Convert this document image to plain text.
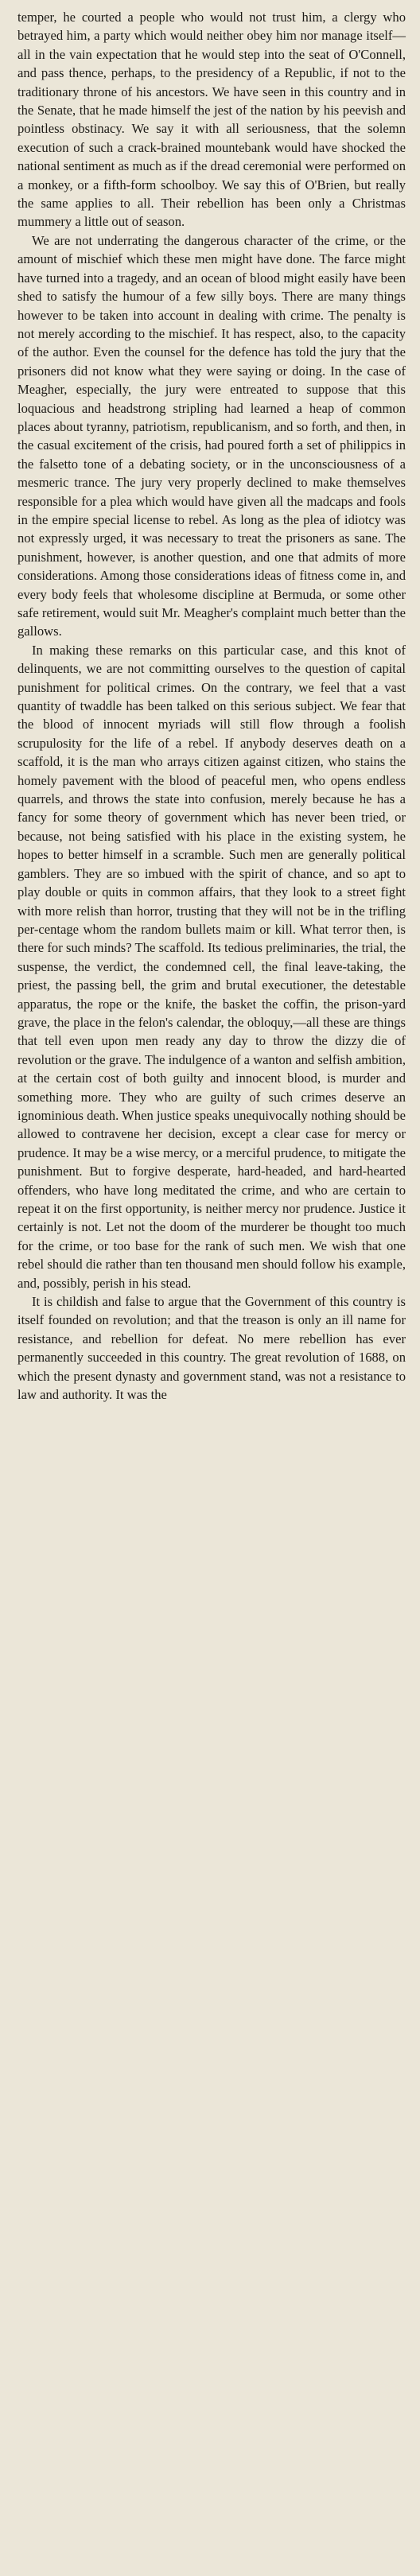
temper, he courted a people who would not trust him, a clergy who betrayed him, a party which would neither obey him nor manage itself—all in the vain expectation that he would step into the seat of O'Connell, and pass thence, perhaps, to the presidency of a Republic, if not to the traditionary throne of his ancestors. We have seen in this country and in the Senate, that he made himself the jest of the nation by his peevish and pointless obstinacy. We say it with all seriousness, that the solemn execution of such a crack-brained mountebank would have shocked the national sentiment as much as if the dread ceremonial were performed on a monkey, or a fifth-form schoolboy. We say this of O'Brien, but really the same applies to all. Their rebellion has been only a Christmas mummery a little out of season.

We are not underrating the dangerous character of the crime, or the amount of mischief which these men might have done. The farce might have turned into a tragedy, and an ocean of blood might easily have been shed to satisfy the humour of a few silly boys. There are many things however to be taken into account in dealing with crime. The penalty is not merely according to the mischief. It has respect, also, to the capacity of the author. Even the counsel for the defence has told the jury that the prisoners did not know what they were saying or doing. In the case of Meagher, especially, the jury were entreated to suppose that this loquacious and headstrong stripling had learned a heap of common places about tyranny, patriotism, republicanism, and so forth, and then, in the casual excitement of the crisis, had poured forth a set of philippics in the falsetto tone of a debating society, or in the unconsciousness of a mesmeric trance. The jury very properly declined to make themselves responsible for a plea which would have given all the madcaps and fools in the empire special license to rebel. As long as the plea of idiotcy was not expressly urged, it was necessary to treat the prisoners as sane. The punishment, however, is another question, and one that admits of more considerations. Among those considerations ideas of fitness come in, and every body feels that wholesome discipline at Bermuda, or some other safe retirement, would suit Mr. Meagher's complaint much better than the gallows.

In making these remarks on this particular case, and this knot of delinquents, we are not committing ourselves to the question of capital punishment for political crimes. On the contrary, we feel that a vast quantity of twaddle has been talked on this serious subject. We fear that the blood of innocent myriads will still flow through a foolish scrupulosity for the life of a rebel. If anybody deserves death on a scaffold, it is the man who arrays citizen against citizen, who stains the homely pavement with the blood of peaceful men, who opens endless quarrels, and throws the state into confusion, merely because he has a fancy for some theory of government which has never been tried, or because, not being satisfied with his place in the existing system, he hopes to better himself in a scramble. Such men are generally political gamblers. They are so imbued with the spirit of chance, and so apt to play double or quits in common affairs, that they look to a street fight with more relish than horror, trusting that they will not be in the trifling per-centage whom the random bullets maim or kill. What terror then, is there for such minds? The scaffold. Its tedious preliminaries, the trial, the suspense, the verdict, the condemned cell, the final leave-taking, the priest, the passing bell, the grim and brutal executioner, the detestable apparatus, the rope or the knife, the basket the coffin, the prison-yard grave, the place in the felon's calendar, the obloquy,—all these are things that tell even upon men ready any day to throw the dizzy die of revolution or the grave. The indulgence of a wanton and selfish ambition, at the certain cost of both guilty and innocent blood, is murder and something more. They who are guilty of such crimes deserve an ignominious death. When justice speaks unequivocally nothing should be allowed to contravene her decision, except a clear case for mercy or prudence. It may be a wise mercy, or a merciful prudence, to mitigate the punishment. But to forgive desperate, hard-headed, and hard-hearted offenders, who have long meditated the crime, and who are certain to repeat it on the first opportunity, is neither mercy nor prudence. Justice it certainly is not. Let not the doom of the murderer be thought too much for the crime, or too base for the rank of such men. We wish that one rebel should die rather than ten thousand men should follow his example, and, possibly, perish in his stead.

It is childish and false to argue that the Government of this country is itself founded on revolution; and that the treason is only an ill name for resistance, and rebellion for defeat. No mere rebellion has ever permanently succeeded in this country. The great revolution of 1688, on which the present dynasty and government stand, was not a resistance to law and authority. It was the
